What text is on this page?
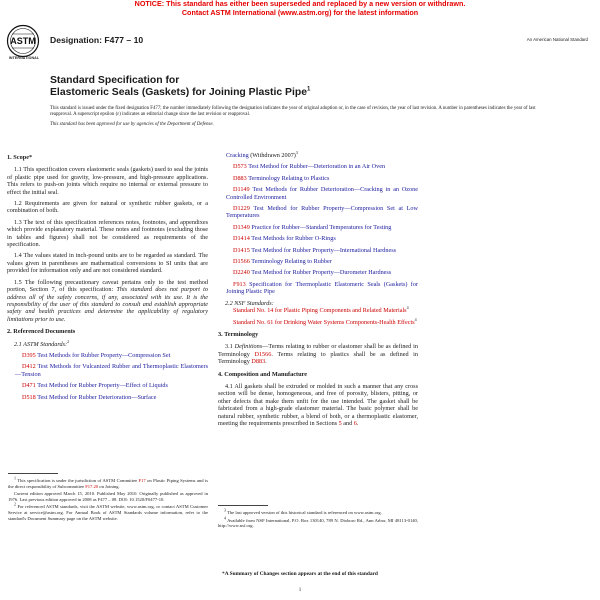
NOTICE: This standard has either been superseded and replaced by a new version or withdrawn.
Contact ASTM International (www.astm.org) for the latest information
ASTM
INTERNATIONAL
Designation: F477 – 10	An American National Standard
Standard Specification for
Elastomeric Seals (Gaskets) for Joining Plastic Pipe$^1$

This standard is issued under the fixed designation F477; the number immediately following the designation indicates the year of original adoption or, in the case of revision, the year of last revision. A number in parentheses indicates the year of last reapproval. A superscript epsilon (ε) indicates an editorial change since the last revision or reapproval.

This standard has been approved for use by agencies of the Department of Defense.

1. Scope*

1.1 This specification covers elastomeric seals (gaskets) used to seal the joints of plastic pipe used for gravity, low-pressure, and high-pressure applications. This refers to push-on joints which require no internal or external pressure to effect the initial seal.

1.2 Requirements are given for natural or synthetic rubber gaskets, or a combination of both.

1.3 The text of this specification references notes, footnotes, and appendixes which provide explanatory material. These notes and footnotes (excluding those in tables and figures) shall not be considered as requirements of the specification.

1.4 The values stated in inch-pound units are to be regarded as standard. The values given in parentheses are mathematical conversions to SI units that are provided for information only and are not considered standard.

1.5 The following precautionary caveat pertains only to the test method portion, Section 7, of this specification: This standard does not purport to address all of the safety concerns, if any, associated with its use. It is the responsibility of the user of this standard to consult and establish appropriate safety and health practices and determine the applicability of regulatory limitations prior to use.

2. Referenced Documents

2.1 ASTM Standards:$^2$

D395 Test Methods for Rubber Property—Compression Set

D412 Test Methods for Vulcanized Rubber and Thermoplastic Elastomers—Tension

D471 Test Method for Rubber Property—Effect of Liquids

D518 Test Method for Rubber Deterioration—Surface

Cracking (Withdrawn 2007)$^3$

D573 Test Method for Rubber—Deterioration in an Air Oven

D883 Terminology Relating to Plastics

D1149 Test Methods for Rubber Deterioration—Cracking in an Ozone Controlled Environment

D1229 Test Method for Rubber Property—Compression Set at Low Temperatures

D1349 Practice for Rubber—Standard Temperatures for Testing

D1414 Test Methods for Rubber O-Rings

D1415 Test Method for Rubber Property—International Hardness

D1566 Terminology Relating to Rubber

D2240 Test Method for Rubber Property—Durometer Hardness

F913 Specification for Thermoplastic Elastomeric Seals (Gaskets) for Joining Plastic Pipe

2.2 NSF Standards:

Standard No. 14 for Plastic Piping Components and Related Materials$^4$

Standard No. 61 for Drinking Water Systems Components-Health Effects$^4$

3. Terminology

3.1 Definitions—Terms relating to rubber or elastomer shall be as defined in Terminology D1566. Terms relating to plastics shall be as defined in Terminology D883.

4. Composition and Manufacture

4.1 All gaskets shall be extruded or molded in such a manner that any cross section will be dense, homogeneous, and free of porosity, blisters, pitting, or other defects that make them unfit for the use intended. The gasket shall be fabricated from a high-grade elastomer material. The basic polymer shall be natural rubber, synthetic rubber, a blend of both, or a thermoplastic elastomer, meeting the requirements prescribed in Sections 5 and 6.

$^1$ This specification is under the jurisdiction of ASTM Committee F17 on Plastic Piping Systems and is the direct responsibility of Subcommittee F17.20 on Joining.

Current edition approved March 15, 2010. Published May 2010. Originally published as approved in 1976. Last previous edition approved in 2008 as F477 – 08. DOI: 10.1520/F0477-10.

$^2$ For referenced ASTM standards, visit the ASTM website, www.astm.org, or contact ASTM Customer Service at service@astm.org. For Annual Book of ASTM Standards volume information, refer to the standard's Document Summary page on the ASTM website.

$^3$ The last approved version of this historical standard is referenced on www.astm.org.

$^4$ Available from NSF International, P.O. Box 130140, 789 N. Dixboro Rd., Ann Arbor, MI 48113-0140, http://www.nsf.org.

*A Summary of Changes section appears at the end of this standard
1
